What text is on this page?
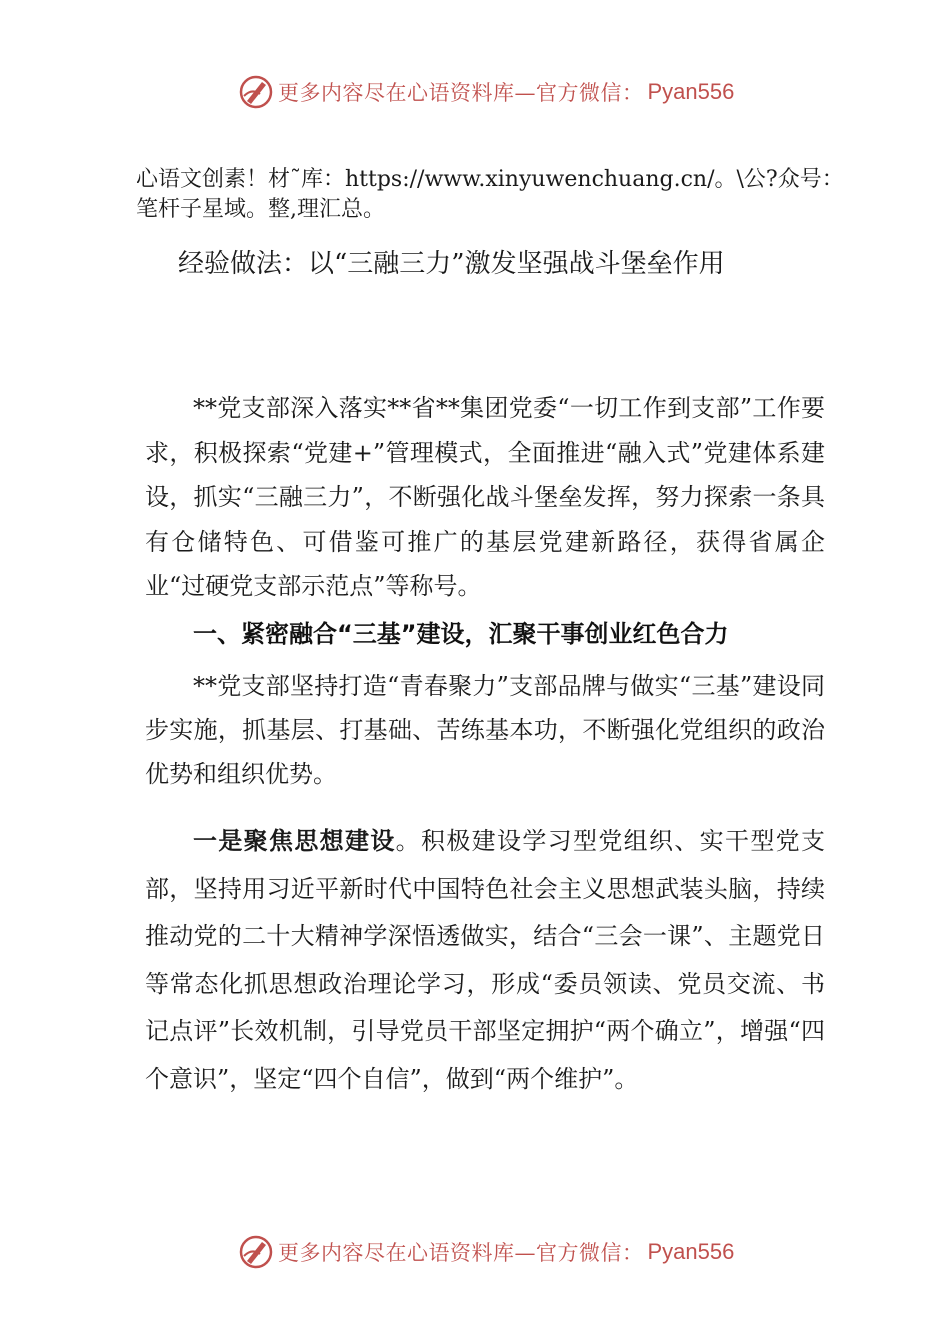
更多内容尽在心语资料库—官方微信： Pyan556
心语文创素！材˜库：https://www.xinyuwenchuang.cn/。\公?众号：笔杆子星域。整,理汇总。
经验做法：以“三融三力”激发坚强战斗堡垒作用

**党支部深入落实**省**集团党委“一切工作到支部”工作要求，积极探索“党建+”管理模式，全面推进“融入式”党建体系建设，抓实“三融三力”，不断强化战斗堡垒发挥，努力探索一条具有仓储特色、可借鉴可推广的基层党建新路径，获得省属企业“过硬党支部示范点”等称号。

一、紧密融合“三基”建设，汇聚干事创业红色合力

**党支部坚持打造“青春聚力”支部品牌与做实“三基”建设同步实施，抓基层、打基础、苦练基本功，不断强化党组织的政治优势和组织优势。

一是聚焦思想建设。积极建设学习型党组织、实干型党支部，坚持用习近平新时代中国特色社会主义思想武装头脑，持续推动党的二十大精神学深悟透做实，结合“三会一课”、主题党日等常态化抓思想政治理论学习，形成“委员领读、党员交流、书记点评”长效机制，引导党员干部坚定拥护“两个确立”，增强“四个意识”，坚定“四个自信”，做到“两个维护”。

更多内容尽在心语资料库—官方微信： Pyan556
